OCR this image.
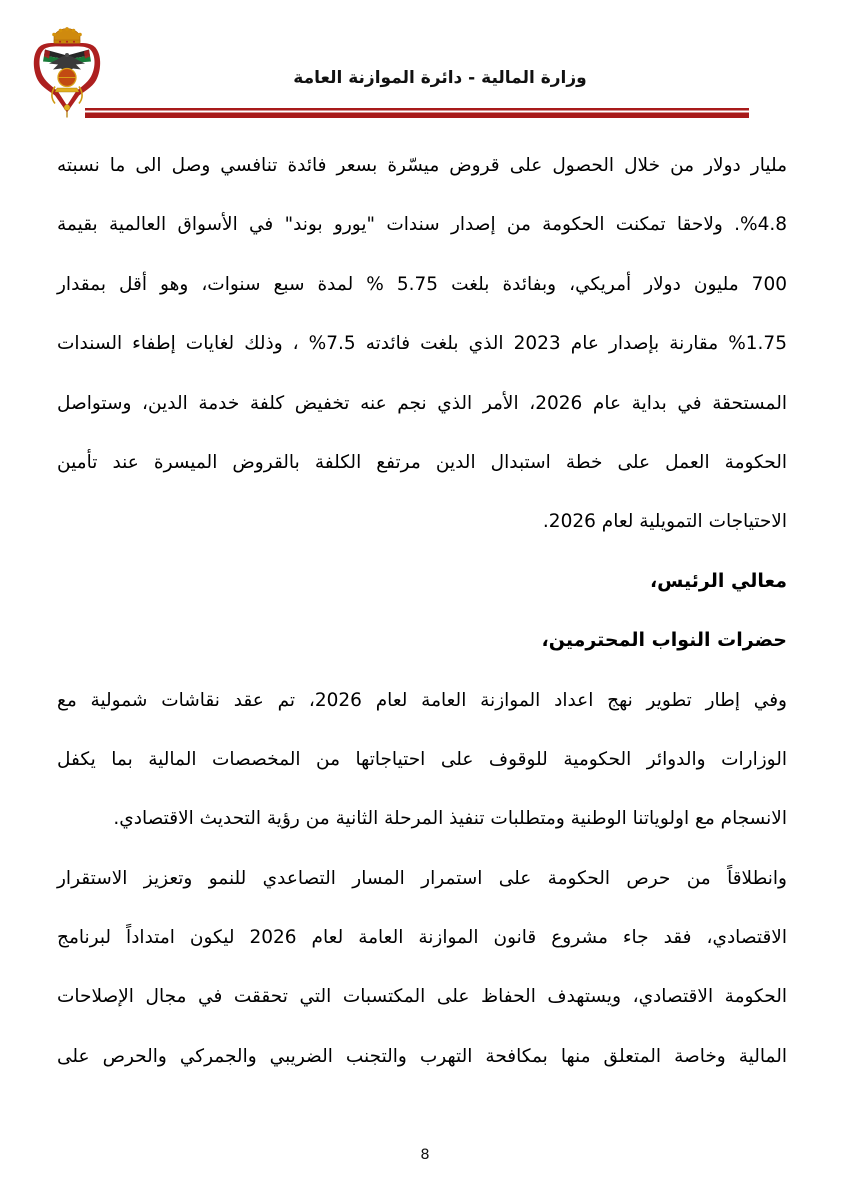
وزارة المالية - دائرة الموازنة العامة
مليار دولار من خلال الحصول على قروض ميسّرة بسعر فائدة تنافسي وصل الى ما نسبته
4.8‏%. ولاحقا تمكنت الحكومة من إصدار سندات "يورو بوند" في الأسواق العالمية بقيمة
700 مليون دولار أمريكي، وبفائدة بلغت 5.75 % لمدة سبع سنوات، وهو أقل بمقدار
1.75‏% مقارنة بإصدار عام 2023 الذي بلغت فائدته 7.5‏% ، وذلك لغايات إطفاء السندات
المستحقة في بداية عام 2026، الأمر الذي نجم عنه تخفيض كلفة خدمة الدين، وستواصل
الحكومة العمل على خطة استبدال الدين مرتفع الكلفة بالقروض الميسرة عند تأمين
الاحتياجات التمويلية لعام 2026.
معالي الرئيس،
حضرات النواب المحترمين،
وفي إطار تطوير نهج اعداد الموازنة العامة لعام 2026، تم عقد نقاشات شمولية مع
الوزارات والدوائر الحكومية للوقوف على احتياجاتها من المخصصات المالية بما يكفل
الانسجام مع اولوياتنا الوطنية ومتطلبات تنفيذ المرحلة الثانية من رؤية التحديث الاقتصادي.
وانطلاقاً من حرص الحكومة على استمرار المسار التصاعدي للنمو وتعزيز الاستقرار
الاقتصادي، فقد جاء مشروع قانون الموازنة العامة لعام 2026 ليكون امتداداً لبرنامج
الحكومة الاقتصادي، ويستهدف الحفاظ على المكتسبات التي تحققت في مجال الإصلاحات
المالية وخاصة المتعلق منها بمكافحة التهرب والتجنب الضريبي والجمركي والحرص على
8
